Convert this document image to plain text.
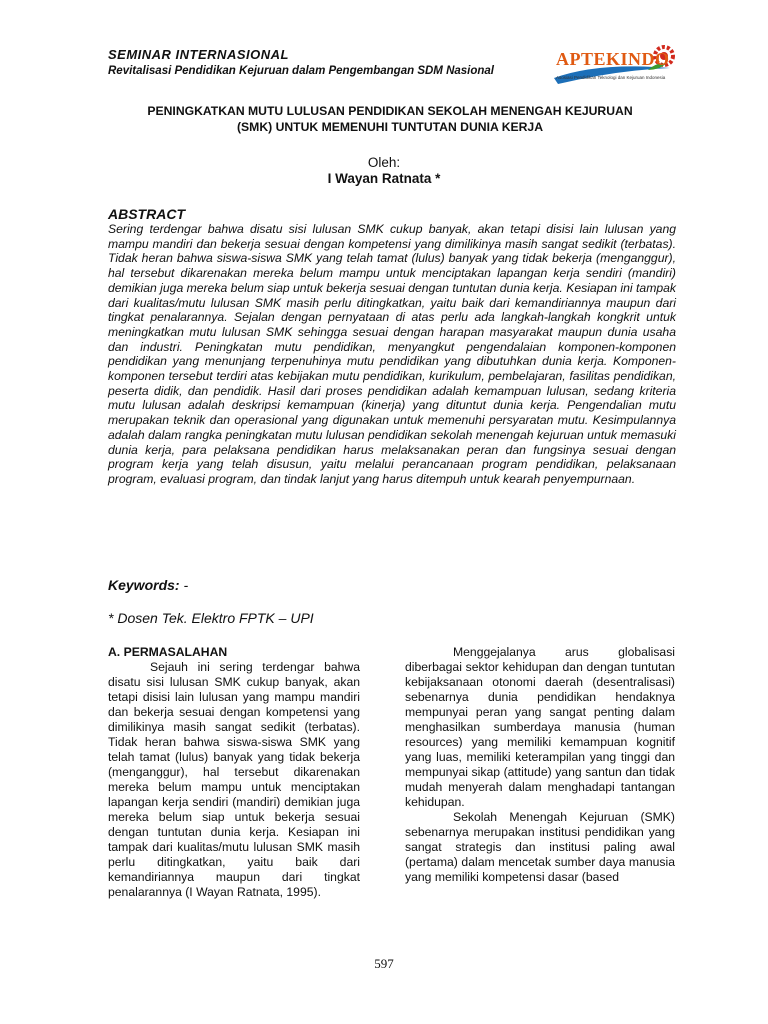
SEMINAR INTERNASIONAL
Revitalisasi Pendidikan Kejuruan dalam Pengembangan SDM Nasional
APTEKINDO
Asosiasi Pendidikan Teknologi dan Kejuruan Indonesia
PENINGKATKAN MUTU LULUSAN PENDIDIKAN SEKOLAH MENENGAH KEJURUAN
(SMK) UNTUK MEMENUHI TUNTUTAN DUNIA KERJA
Oleh:
I Wayan Ratnata *
ABSTRACT

Sering terdengar bahwa disatu sisi lulusan SMK cukup banyak, akan tetapi disisi lain lulusan yang mampu mandiri dan bekerja sesuai dengan kompetensi yang dimilikinya masih sangat sedikit (terbatas). Tidak heran bahwa siswa-siswa SMK yang telah tamat (lulus) banyak yang tidak bekerja (menganggur), hal tersebut dikarenakan mereka belum mampu untuk menciptakan lapangan kerja sendiri (mandiri) demikian juga mereka belum siap untuk bekerja sesuai dengan tuntutan dunia kerja. Kesiapan ini tampak dari kualitas/mutu lulusan SMK masih perlu ditingkatkan, yaitu baik dari kemandiriannya maupun dari tingkat penalarannya. Sejalan dengan pernyataan di atas perlu ada langkah-langkah kongkrit untuk meningkatkan mutu lulusan SMK sehingga sesuai dengan harapan masyarakat maupun dunia usaha dan industri. Peningkatan mutu pendidikan, menyangkut pengendalaian komponen-komponen pendidikan yang menunjang terpenuhinya mutu pendidikan yang dibutuhkan dunia kerja. Komponen-komponen tersebut terdiri atas kebijakan mutu pendidikan, kurikulum, pembelajaran, fasilitas pendidikan, peserta didik, dan pendidik. Hasil dari proses pendidikan adalah kemampuan lulusan, sedang kriteria mutu lulusan adalah deskripsi kemampuan (kinerja) yang dituntut dunia kerja. Pengendalian mutu merupakan teknik dan operasional yang digunakan untuk memenuhi persyaratan mutu. Kesimpulannya adalah dalam rangka peningkatan mutu lulusan pendidikan sekolah menengah kejuruan untuk memasuki dunia kerja, para pelaksana pendidikan harus melaksanakan peran dan fungsinya sesuai dengan program kerja yang telah disusun, yaitu melalui perancanaan program pendidikan, pelaksanaan program, evaluasi program, dan tindak lanjut yang harus ditempuh untuk kearah penyempurnaan.

Keywords: -
* Dosen Tek. Elektro FPTK – UPI
A. PERMASALAHAN

Sejauh ini sering terdengar bahwa disatu sisi lulusan SMK cukup banyak, akan tetapi disisi lain lulusan yang mampu mandiri dan bekerja sesuai dengan kompetensi yang dimilikinya masih sangat sedikit (terbatas). Tidak heran bahwa siswa-siswa SMK yang telah tamat (lulus) banyak yang tidak bekerja (menganggur), hal tersebut dikarenakan mereka belum mampu untuk menciptakan lapangan kerja sendiri (mandiri) demikian juga mereka belum siap untuk bekerja sesuai dengan tuntutan dunia kerja. Kesiapan ini tampak dari kualitas/mutu lulusan SMK masih perlu ditingkatkan, yaitu baik dari kemandiriannya maupun dari tingkat penalarannya (I Wayan Ratnata, 1995).

Menggejalanya arus globalisasi diberbagai sektor kehidupan dan dengan tuntutan kebijaksanaan otonomi daerah (desentralisasi) sebenarnya dunia pendidikan hendaknya mempunyai peran yang sangat penting dalam menghasilkan sumberdaya manusia (human resources) yang memiliki kemampuan kognitif yang luas, memiliki keterampilan yang tinggi dan mempunyai sikap (attitude) yang santun dan tidak mudah menyerah dalam menghadapi tantangan kehidupan.

Sekolah Menengah Kejuruan (SMK) sebenarnya merupakan institusi pendidikan yang sangat strategis dan institusi paling awal (pertama) dalam mencetak sumber daya manusia yang memiliki kompetensi dasar (based

597
